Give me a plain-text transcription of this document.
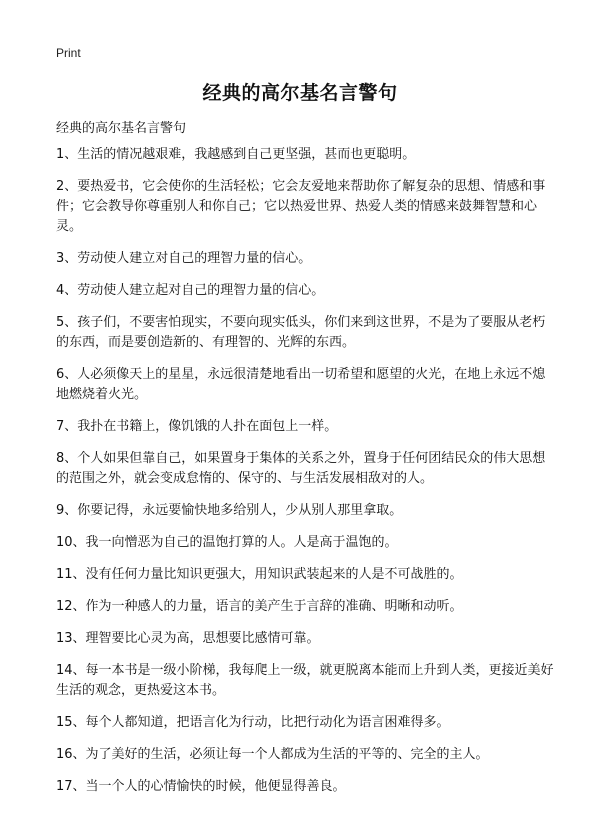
Print
经典的高尔基名言警句
经典的高尔基名言警句
1、生活的情况越艰难，我越感到自己更坚强，甚而也更聪明。
2、要热爱书，它会使你的生活轻松；它会友爱地来帮助你了解复杂的思想、情感和事件；它会教导你尊重别人和你自己；它以热爱世界、热爱人类的情感来鼓舞智慧和心灵。
3、劳动使人建立对自己的理智力量的信心。
4、劳动使人建立起对自己的理智力量的信心。
5、孩子们，不要害怕现实，不要向现实低头，你们来到这世界，不是为了要服从老朽的东西，而是要创造新的、有理智的、光辉的东西。
6、人必须像天上的星星，永远很清楚地看出一切希望和愿望的火光，在地上永远不熄地燃烧着火光。
7、我扑在书籍上，像饥饿的人扑在面包上一样。
8、个人如果但靠自己，如果置身于集体的关系之外，置身于任何团结民众的伟大思想的范围之外，就会变成怠惰的、保守的、与生活发展相敌对的人。
9、你要记得，永远要愉快地多给别人，少从别人那里拿取。
10、我一向憎恶为自己的温饱打算的人。人是高于温饱的。
11、没有任何力量比知识更强大，用知识武装起来的人是不可战胜的。
12、作为一种感人的力量，语言的美产生于言辞的准确、明晰和动听。
13、理智要比心灵为高，思想要比感情可靠。
14、每一本书是一级小阶梯，我每爬上一级，就更脱离本能而上升到人类，更接近美好生活的观念，更热爱这本书。
15、每个人都知道，把语言化为行动，比把行动化为语言困难得多。
16、为了美好的生活，必须让每一个人都成为生活的平等的、完全的主人。
17、当一个人的心情愉快的时候，他便显得善良。
